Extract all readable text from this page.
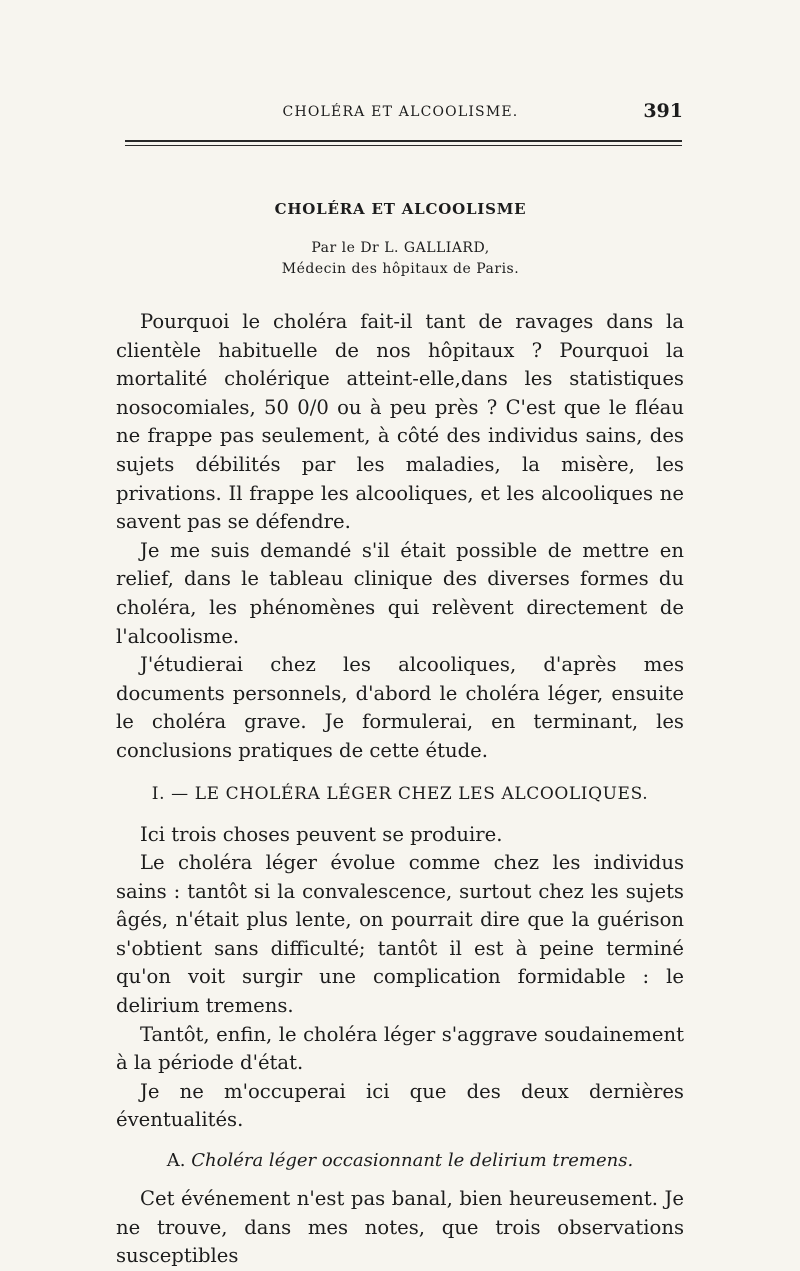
CHOLÉRA ET ALCOOLISME.	391
CHOLÉRA ET ALCOOLISME
Par le Dr L. GALLIARD,
Médecin des hôpitaux de Paris.

Pourquoi le choléra fait-il tant de ravages dans la clientèle habituelle de nos hôpitaux ? Pourquoi la mortalité cholérique atteint-elle,dans les statistiques nosocomiales, 50 0/0 ou à peu près ? C'est que le fléau ne frappe pas seulement, à côté des individus sains, des sujets débilités par les maladies, la misère, les privations. Il frappe les alcooliques, et les alcooliques ne savent pas se défendre.

Je me suis demandé s'il était possible de mettre en relief, dans le tableau clinique des diverses formes du choléra, les phénomènes qui relèvent directement de l'alcoolisme.

J'étudierai chez les alcooliques, d'après mes documents personnels, d'abord le choléra léger, ensuite le choléra grave. Je formulerai, en terminant, les conclusions pratiques de cette étude.

I. — LE CHOLÉRA LÉGER CHEZ LES ALCOOLIQUES.

Ici trois choses peuvent se produire.

Le choléra léger évolue comme chez les individus sains : tantôt si la convalescence, surtout chez les sujets âgés, n'était plus lente, on pourrait dire que la guérison s'obtient sans difficulté; tantôt il est à peine terminé qu'on voit surgir une complication formidable : le delirium tremens.

Tantôt, enfin, le choléra léger s'aggrave soudainement à la période d'état.

Je ne m'occuperai ici que des deux dernières éventualités.

A. Choléra léger occasionnant le delirium tremens.

Cet événement n'est pas banal, bien heureusement. Je ne trouve, dans mes notes, que trois observations susceptibles
